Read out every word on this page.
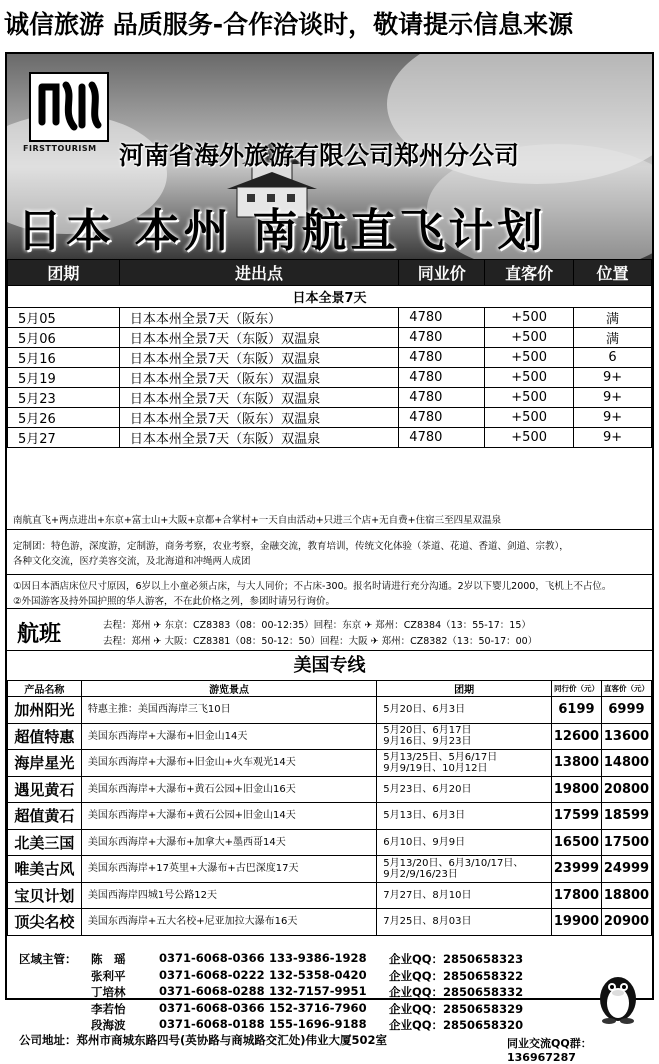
诚信旅游 品质服务-合作洽谈时，敬请提示信息来源
FIRSTTOURISM 河南省海外旅游有限公司郑州分公司
日本 本州 南航直飞计划
团期	进出点	同业价	直客价	位置
日本全景7天				
5月05	日本本州全景7天（阪东）	4780	+500	满
5月06	日本本州全景7天（东阪）双温泉	4780	+500	满
5月16	日本本州全景7天（东阪）双温泉	4780	+500	6
5月19	日本本州全景7天（阪东）双温泉	4780	+500	9+
5月23	日本本州全景7天（东阪）双温泉	4780	+500	9+
5月26	日本本州全景7天（阪东）双温泉	4780	+500	9+
5月27	日本本州全景7天（东阪）双温泉	4780	+500	9+
南航直飞+两点进出+东京+富士山+大阪+京都+合掌村+一天自由活动+只进三个店+无自费+住宿三至四星双温泉
定制团：特色游，深度游，定制游，商务考察，农业考察，金融交流，教育培训，传统文化体验（茶道、花道、香道、剑道、宗教），
各种文化交流，医疗美容交流，及北海道和冲绳两人成团
①因日本酒店床位尺寸原因，6岁以上小童必须占床，与大人同价；不占床-300。报名时请进行充分沟通。2岁以下婴儿2000，飞机上不占位。
②外国游客及持外国护照的华人游客，不在此价格之列，参团时请另行询价。
航班	去程：郑州 ✈ 东京：CZ8383（08：00-12:35）回程：东京 ✈ 郑州：CZ8384（13：55-17：15）
去程：郑州 ✈ 大阪：CZ8381（08：50-12：50）回程：大阪 ✈ 郑州：CZ8382（13：50-17：00）
美国专线
产品名称	游览景点	团期	同行价（元）	直客价（元）
加州阳光	特惠主推：美国西海岸三飞10日	5月20日、6月3日	6199	6999
超值特惠	美国东西海岸+大瀑布+旧金山14天	5月20日、6月17日
9月16日、9月23日	12600	13600
海岸星光	美国东西海岸+大瀑布+旧金山+火车观光14天	5月13/25日、5月6/17日
9月9/19日、10月12日	13800	14800
遇见黄石	美国东西海岸+大瀑布+黄石公园+旧金山16天	5月23日、6月20日	19800	20800
超值黄石	美国东西海岸+大瀑布+黄石公园+旧金山14天	5月13日、6月3日	17599	18599
北美三国	美国东西海岸+大瀑布+加拿大+墨西哥14天	6月10日、9月9日	16500	17500
唯美古风	美国东西海岸+17英里+大瀑布+古巴深度17天	5月13/20日、6月3/10/17日、
9月2/9/16/23日	23999	24999
宝贝计划	美国西海岸四城1号公路12天	7月27日、8月10日	17800	18800
顶尖名校	美国东西海岸+五大名校+尼亚加拉大瀑布16天	7月25日、8月03日	19900	20900
区域主管： 陈　瑶	0371-6068-0366 133-9386-1928 企业QQ：2850658323
张利平	0371-6068-0222 132-5358-0420 企业QQ：2850658322
丁培林	0371-6068-0288 132-7157-9951 企业QQ：2850658332
李若怡	0371-6068-0366 152-3716-7960 企业QQ：2850658329
段海波	0371-6068-0188 155-1696-9188 企业QQ：2850658320
公司地址：郑州市商城东路四号(英协路与商城路交汇处)伟业大厦502室	同业交流QQ群：136967287
